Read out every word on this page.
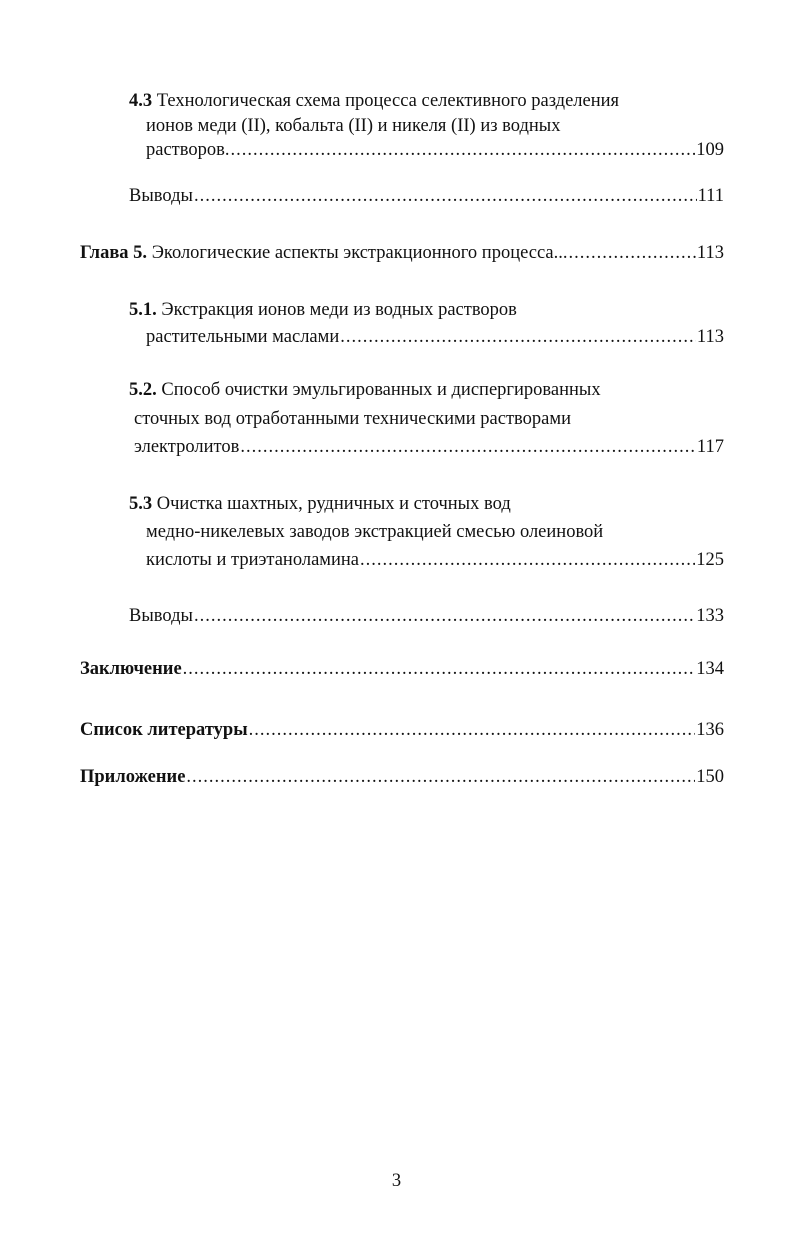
4.3 Технологическая схема процесса селективного разделения
ионов меди (II), кобальта (II) и никеля (II) из водных
растворов. .....	109
Выводы .....	111
Глава 5. Экологические аспекты экстракционного процесса... .....	113
5.1. Экстракция ионов меди из водных растворов
растительными маслами .....	113
5.2. Способ очистки эмульгированных и диспергированных
сточных вод отработанными техническими растворами
электролитов .....	117
5.3 Очистка шахтных, рудничных и сточных вод
медно-никелевых заводов экстракцией смесью олеиновой
кислоты и триэтаноламина .....	125
Выводы .....	133
Заключение .....	134
Список литературы .....	136
Приложение .....	150
3
